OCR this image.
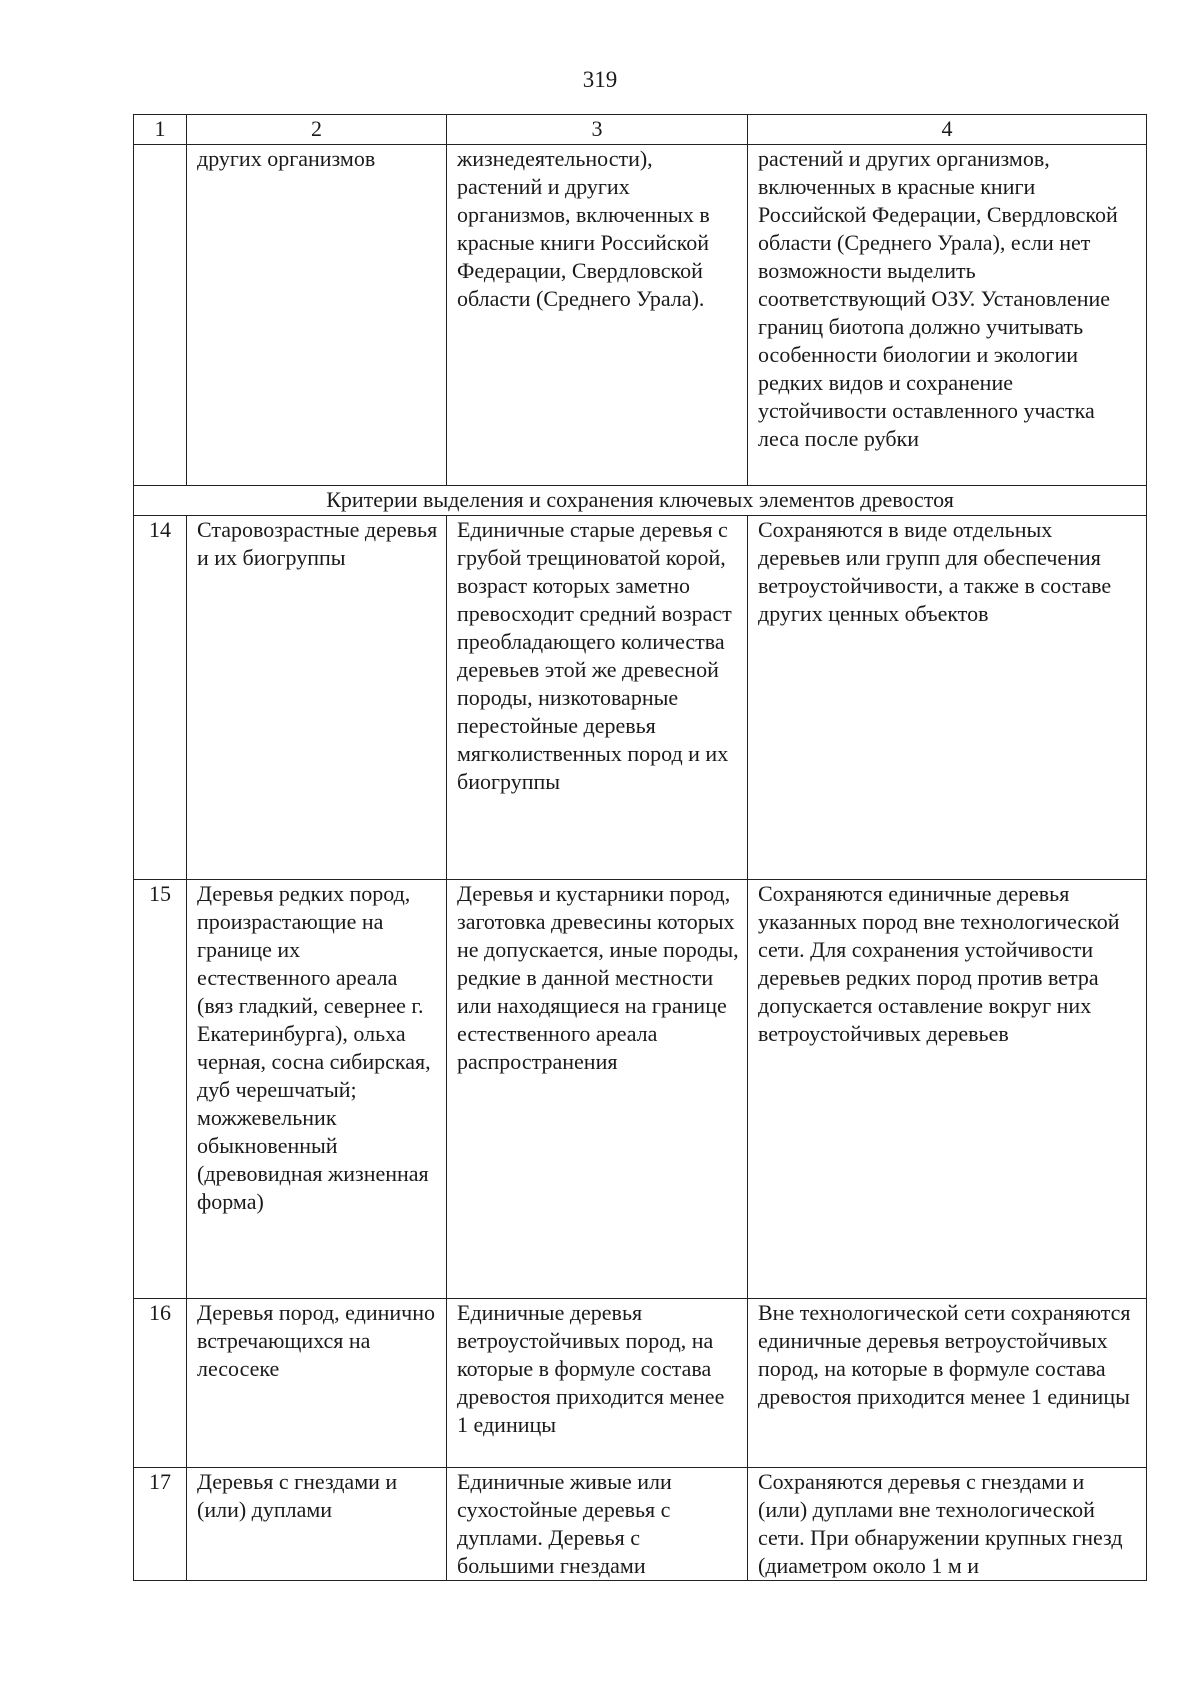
319
1	2	3	4
	других организмов	жизнедеятельности), растений и других организмов, включенных в красные книги Российской Федерации, Свердловской области (Среднего Урала).	растений и других организмов, включенных в красные книги Российской Федерации, Свердловской области (Среднего Урала), если нет возможности выделить соответствующий ОЗУ. Установление границ биотопа должно учитывать особенности биологии и экологии редких видов и сохранение устойчивости оставленного участка леса после рубки
Критерии выделения и сохранения ключевых элементов древостоя			
14	Старовозрастные деревья и их биогруппы	Единичные старые деревья с грубой трещиноватой корой, возраст которых заметно превосходит средний возраст преобладающего количества деревьев этой же древесной породы, низкотоварные перестойные деревья мягколиственных пород и их биогруппы	Сохраняются в виде отдельных деревьев или групп для обеспечения ветроустойчивости, а также в составе других ценных объектов
15	Деревья редких пород, произрастающие на границе их естественного ареала (вяз гладкий, севернее г. Екатеринбурга), ольха черная, сосна сибирская, дуб черешчатый; можжевельник обыкновенный (древовидная жизненная форма)	Деревья и кустарники пород, заготовка древесины которых не допускается, иные породы, редкие в данной местности или находящиеся на границе естественного ареала распространения	Сохраняются единичные деревья указанных пород вне технологической сети. Для сохранения устойчивости деревьев редких пород против ветра допускается оставление вокруг них ветроустойчивых деревьев
16	Деревья пород, единично встречающихся на лесосеке	Единичные деревья ветроустойчивых пород, на которые в формуле состава древостоя приходится менее 1 единицы	Вне технологической сети сохраняются единичные деревья ветроустойчивых пород, на которые в формуле состава древостоя приходится менее 1 единицы
17	Деревья с гнездами и (или) дуплами	Единичные живые или сухостойные деревья с дуплами. Деревья с большими гнездами	Сохраняются деревья с гнездами и (или) дуплами вне технологической сети. При обнаружении крупных гнезд (диаметром около 1 м и
